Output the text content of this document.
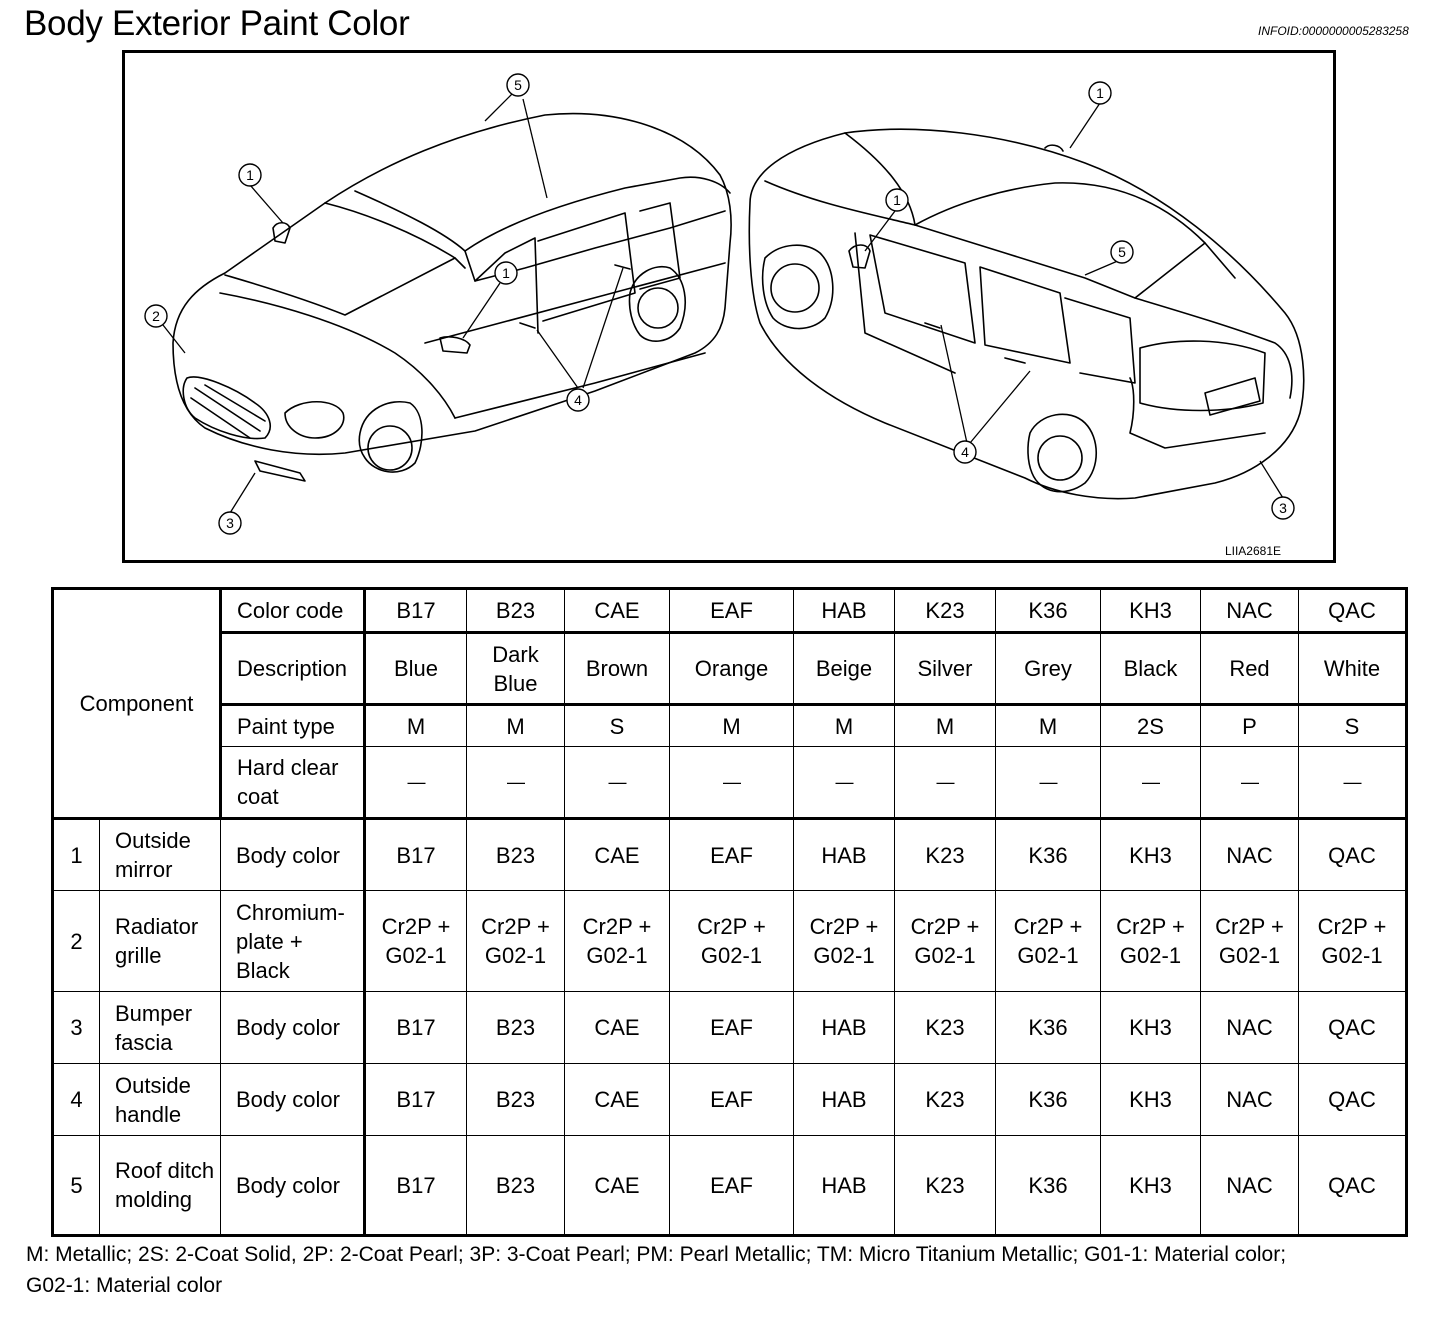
Body Exterior Paint Color	INFOID:0000000005283258
1
2
3
5
1
4
1
1
5
3
4
LIIA2681E
Component		Color code	B17	B23	CAE	EAF	HAB	K23	K36	KH3	NAC	QAC
		Description	Blue	Dark Blue	Brown	Orange	Beige	Silver	Grey	Black	Red	White
		Paint type	M	M	S	M	M	M	M	2S	P	S
		Hard clear coat	—	—	—	—	—	—	—	—	—	—
1	Outside mirror	Body color	B17	B23	CAE	EAF	HAB	K23	K36	KH3	NAC	QAC
2	Radiator grille	Chromium-plate + Black	Cr2P + G02-1	Cr2P + G02-1	Cr2P + G02-1	Cr2P + G02-1	Cr2P + G02-1	Cr2P + G02-1	Cr2P + G02-1	Cr2P + G02-1	Cr2P + G02-1	Cr2P + G02-1
3	Bumper fascia	Body color	B17	B23	CAE	EAF	HAB	K23	K36	KH3	NAC	QAC
4	Outside handle	Body color	B17	B23	CAE	EAF	HAB	K23	K36	KH3	NAC	QAC
5	Roof ditch molding	Body color	B17	B23	CAE	EAF	HAB	K23	K36	KH3	NAC	QAC
M: Metallic; 2S: 2-Coat Solid, 2P: 2-Coat Pearl; 3P: 3-Coat Pearl; PM: Pearl Metallic; TM: Micro Titanium Metallic; G01-1: Material color;
G02-1: Material color
